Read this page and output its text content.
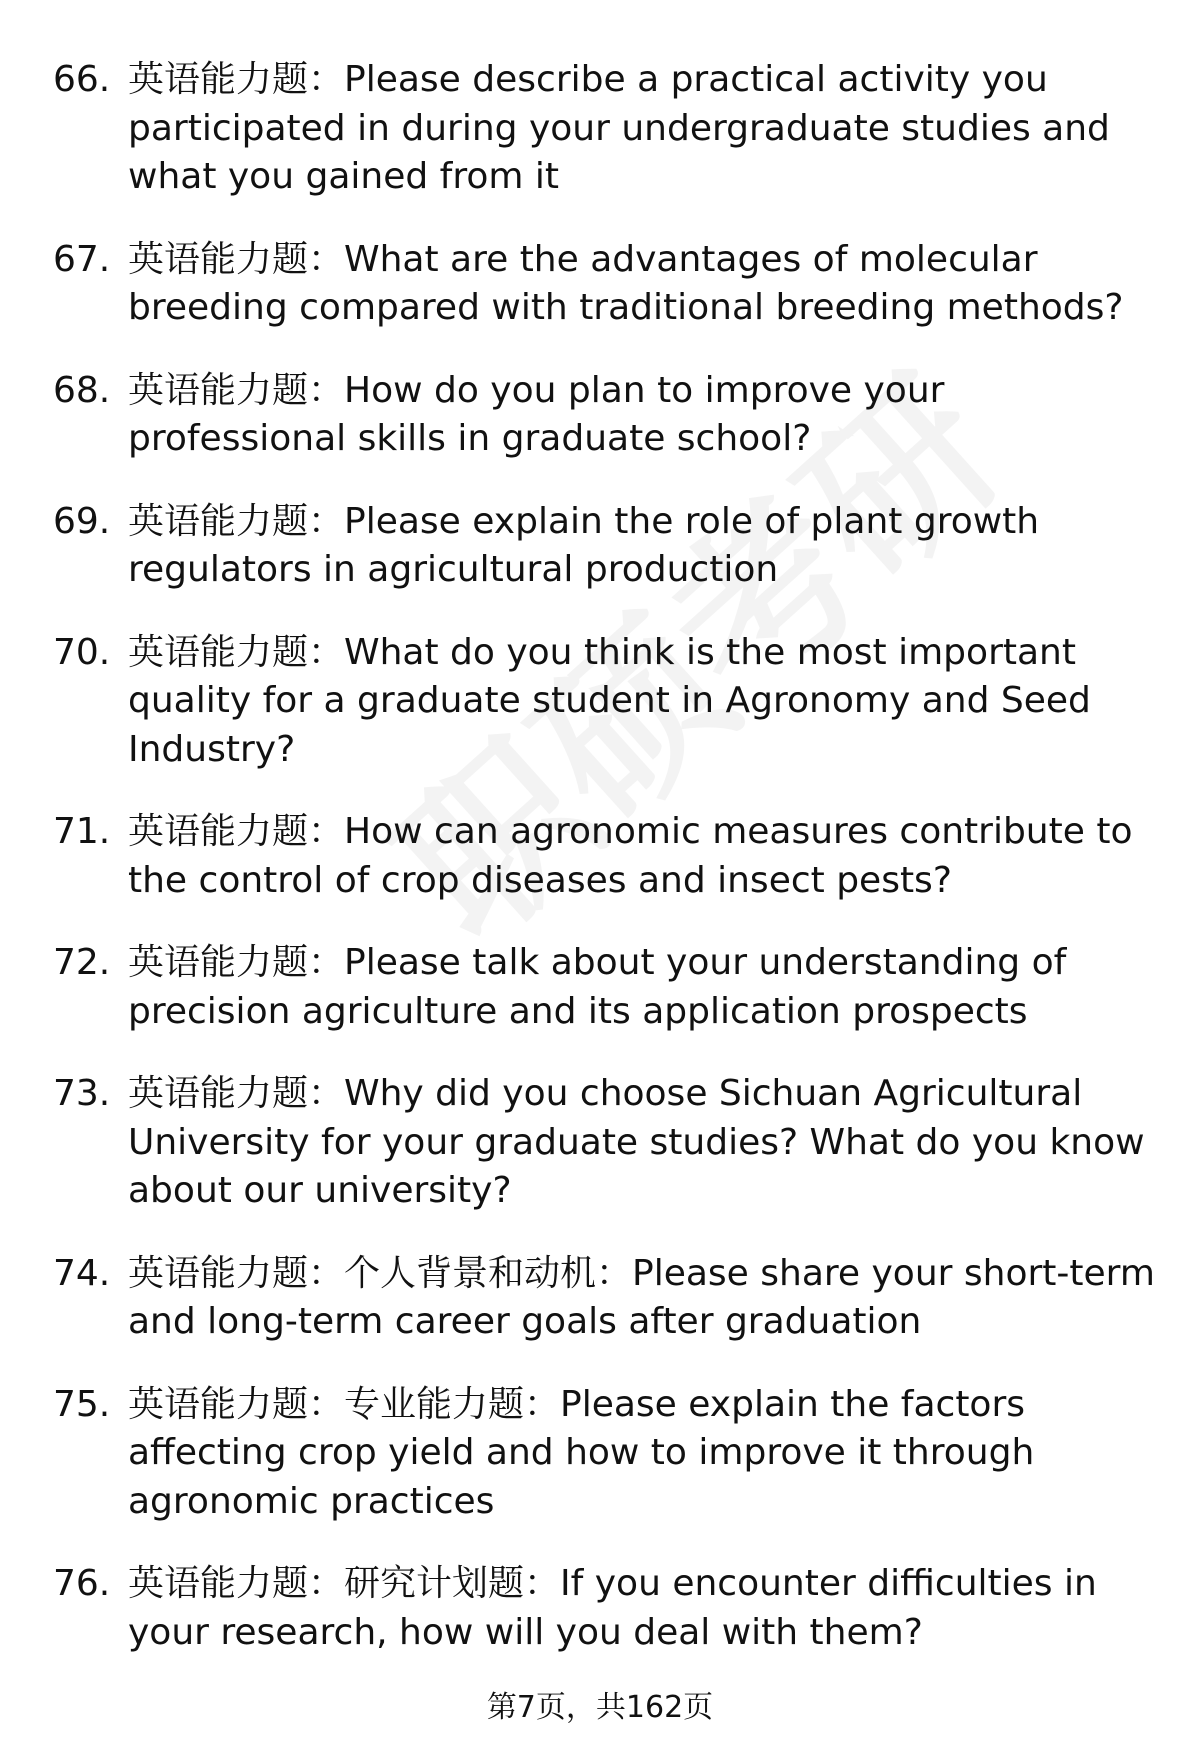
66. 英语能力题：Please describe a practical activity you participated in during your undergraduate studies and what you gained from it
67. 英语能力题：What are the advantages of molecular breeding compared with traditional breeding methods?
68. 英语能力题：How do you plan to improve your professional skills in graduate school?
69. 英语能力题：Please explain the role of plant growth regulators in agricultural production
70. 英语能力题：What do you think is the most important quality for a graduate student in Agronomy and Seed Industry?
71. 英语能力题：How can agronomic measures contribute to the control of crop diseases and insect pests?
72. 英语能力题：Please talk about your understanding of precision agriculture and its application prospects
73. 英语能力题：Why did you choose Sichuan Agricultural University for your graduate studies? What do you know about our university?
74. 英语能力题：个人背景和动机：Please share your short-term and long-term career goals after graduation
75. 英语能力题：专业能力题：Please explain the factors affecting crop yield and how to improve it through agronomic practices
76. 英语能力题：研究计划题：If you encounter difficulties in your research, how will you deal with them?
第7页，共162页
